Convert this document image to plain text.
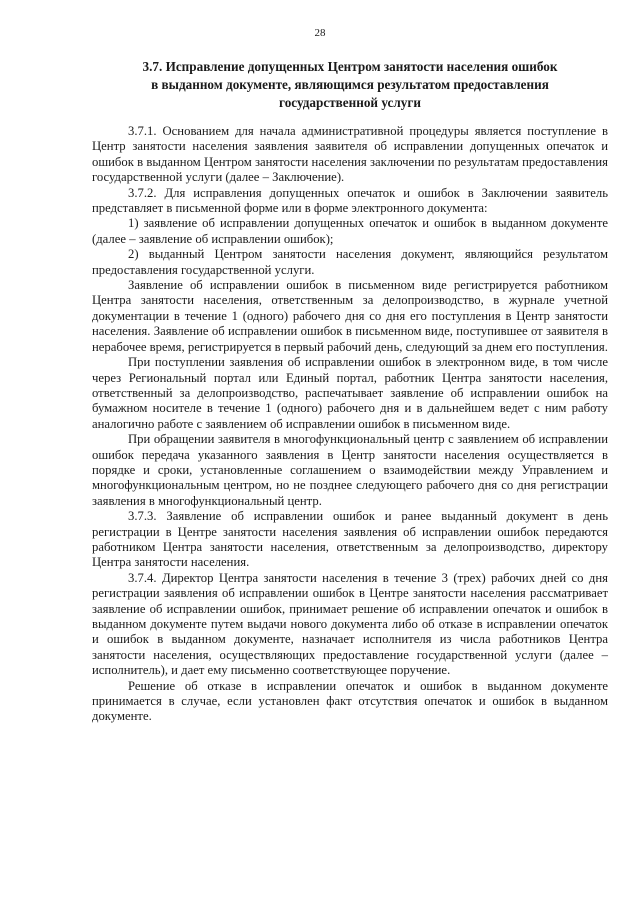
28
3.7. Исправление допущенных Центром занятости населения ошибок
в выданном документе, являющимся результатом предоставления
государственной услуги

3.7.1. Основанием для начала административной процедуры является поступление в Центр занятости населения заявления заявителя об исправлении допущенных опечаток и ошибок в выданном Центром занятости населения заключении по результатам предоставления государственной услуги (далее – Заключение).

3.7.2. Для исправления допущенных опечаток и ошибок в Заключении заявитель представляет в письменной форме или в форме электронного документа:

1) заявление об исправлении допущенных опечаток и ошибок в выданном документе (далее – заявление об исправлении ошибок);

2) выданный Центром занятости населения документ, являющийся результатом предоставления государственной услуги.

Заявление об исправлении ошибок в письменном виде регистрируется работником Центра занятости населения, ответственным за делопроизводство, в журнале учетной документации в течение 1 (одного) рабочего дня со дня его поступления в Центр занятости населения. Заявление об исправлении ошибок в письменном виде, поступившее от заявителя в нерабочее время, регистрируется в первый рабочий день, следующий за днем его поступления.

При поступлении заявления об исправлении ошибок в электронном виде, в том числе через Региональный портал или Единый портал, работник Центра занятости населения, ответственный за делопроизводство, распечатывает заявление об исправлении ошибок на бумажном носителе в течение 1 (одного) рабочего дня и в дальнейшем ведет с ним работу аналогично работе с заявлением об исправлении ошибок в письменном виде.

При обращении заявителя в многофункциональный центр с заявлением об исправлении ошибок передача указанного заявления в Центр занятости населения осуществляется в порядке и сроки, установленные соглашением о взаимодействии между Управлением и многофункциональным центром, но не позднее следующего рабочего дня со дня регистрации заявления в многофункциональный центр.

3.7.3. Заявление об исправлении ошибок и ранее выданный документ в день регистрации в Центре занятости населения заявления об исправлении ошибок передаются работником Центра занятости населения, ответственным за делопроизводство, директору Центра занятости населения.

3.7.4. Директор Центра занятости населения в течение 3 (трех) рабочих дней со дня регистрации заявления об исправлении ошибок в Центре занятости населения рассматривает заявление об исправлении ошибок, принимает решение об исправлении опечаток и ошибок в выданном документе путем выдачи нового документа либо об отказе в исправлении опечаток и ошибок в выданном документе, назначает исполнителя из числа работников Центра занятости населения, осуществляющих предоставление государственной услуги (далее – исполнитель), и дает ему письменно соответствующее поручение.

Решение об отказе в исправлении опечаток и ошибок в выданном документе принимается в случае, если установлен факт отсутствия опечаток и ошибок в выданном документе.
